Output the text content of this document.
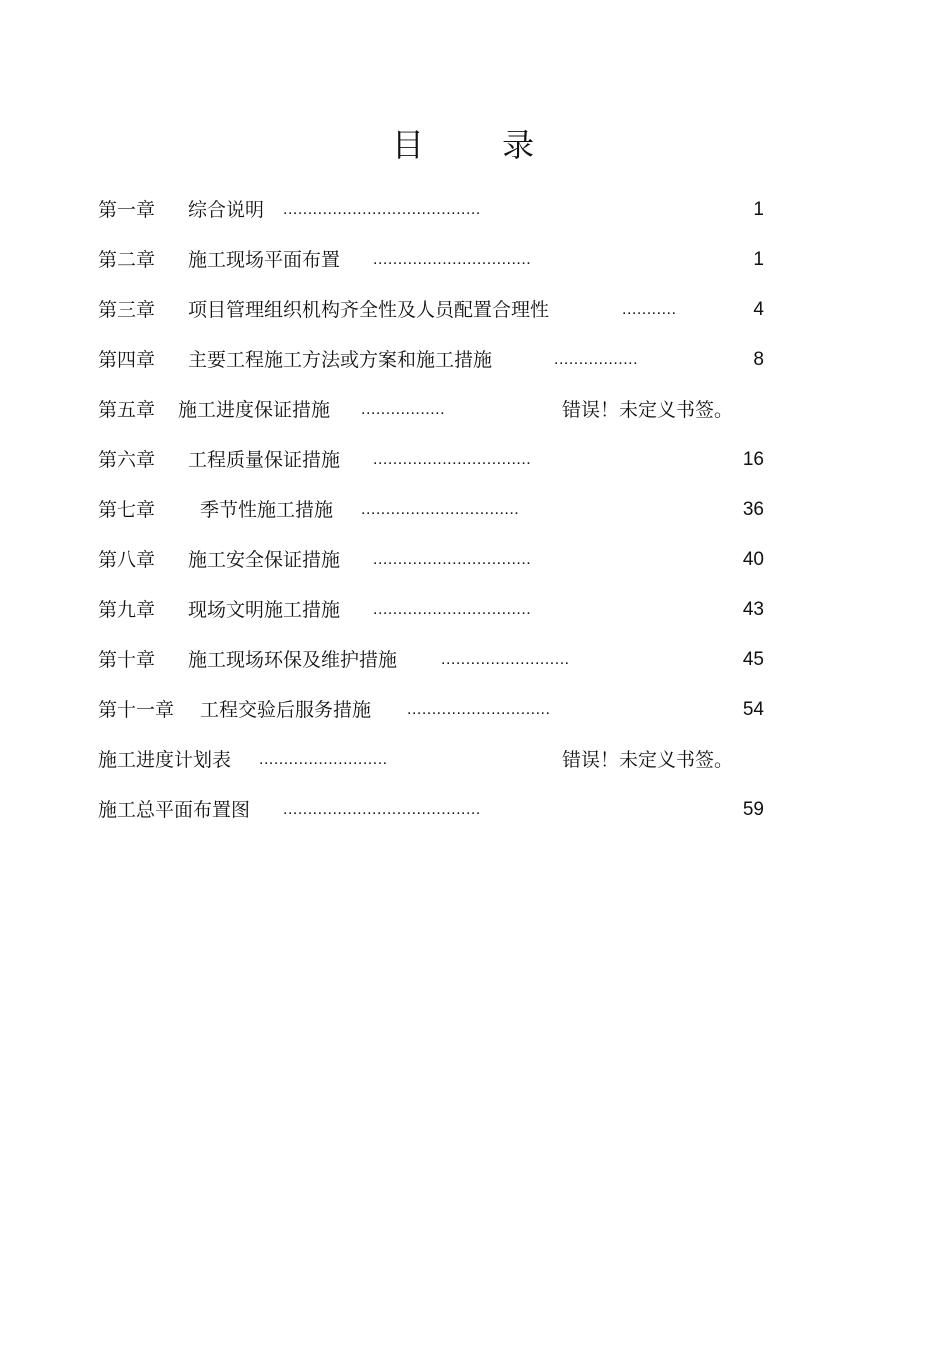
目 录
第一章 综合说明 ........................................	1
第二章 施工现场平面布置 ................................	1
第三章 项目管理组织机构齐全性及人员配置合理性	...........	4
第四章 主要工程施工方法或方案和施工措施	.................	8
第五章 施工进度保证措施 .................	错误！未定义书签。
第六章 工程质量保证措施 ................................	16
第七章 季节性施工措施 ................................	36
第八章 施工安全保证措施 ................................	40
第九章 现场文明施工措施 ................................	43
第十章 施工现场环保及维护措施	..........................	45
第十一章 工程交验后服务措施 .............................	54
施工进度计划表 ..........................	错误！未定义书签。
施工总平面布置图 ........................................	59
